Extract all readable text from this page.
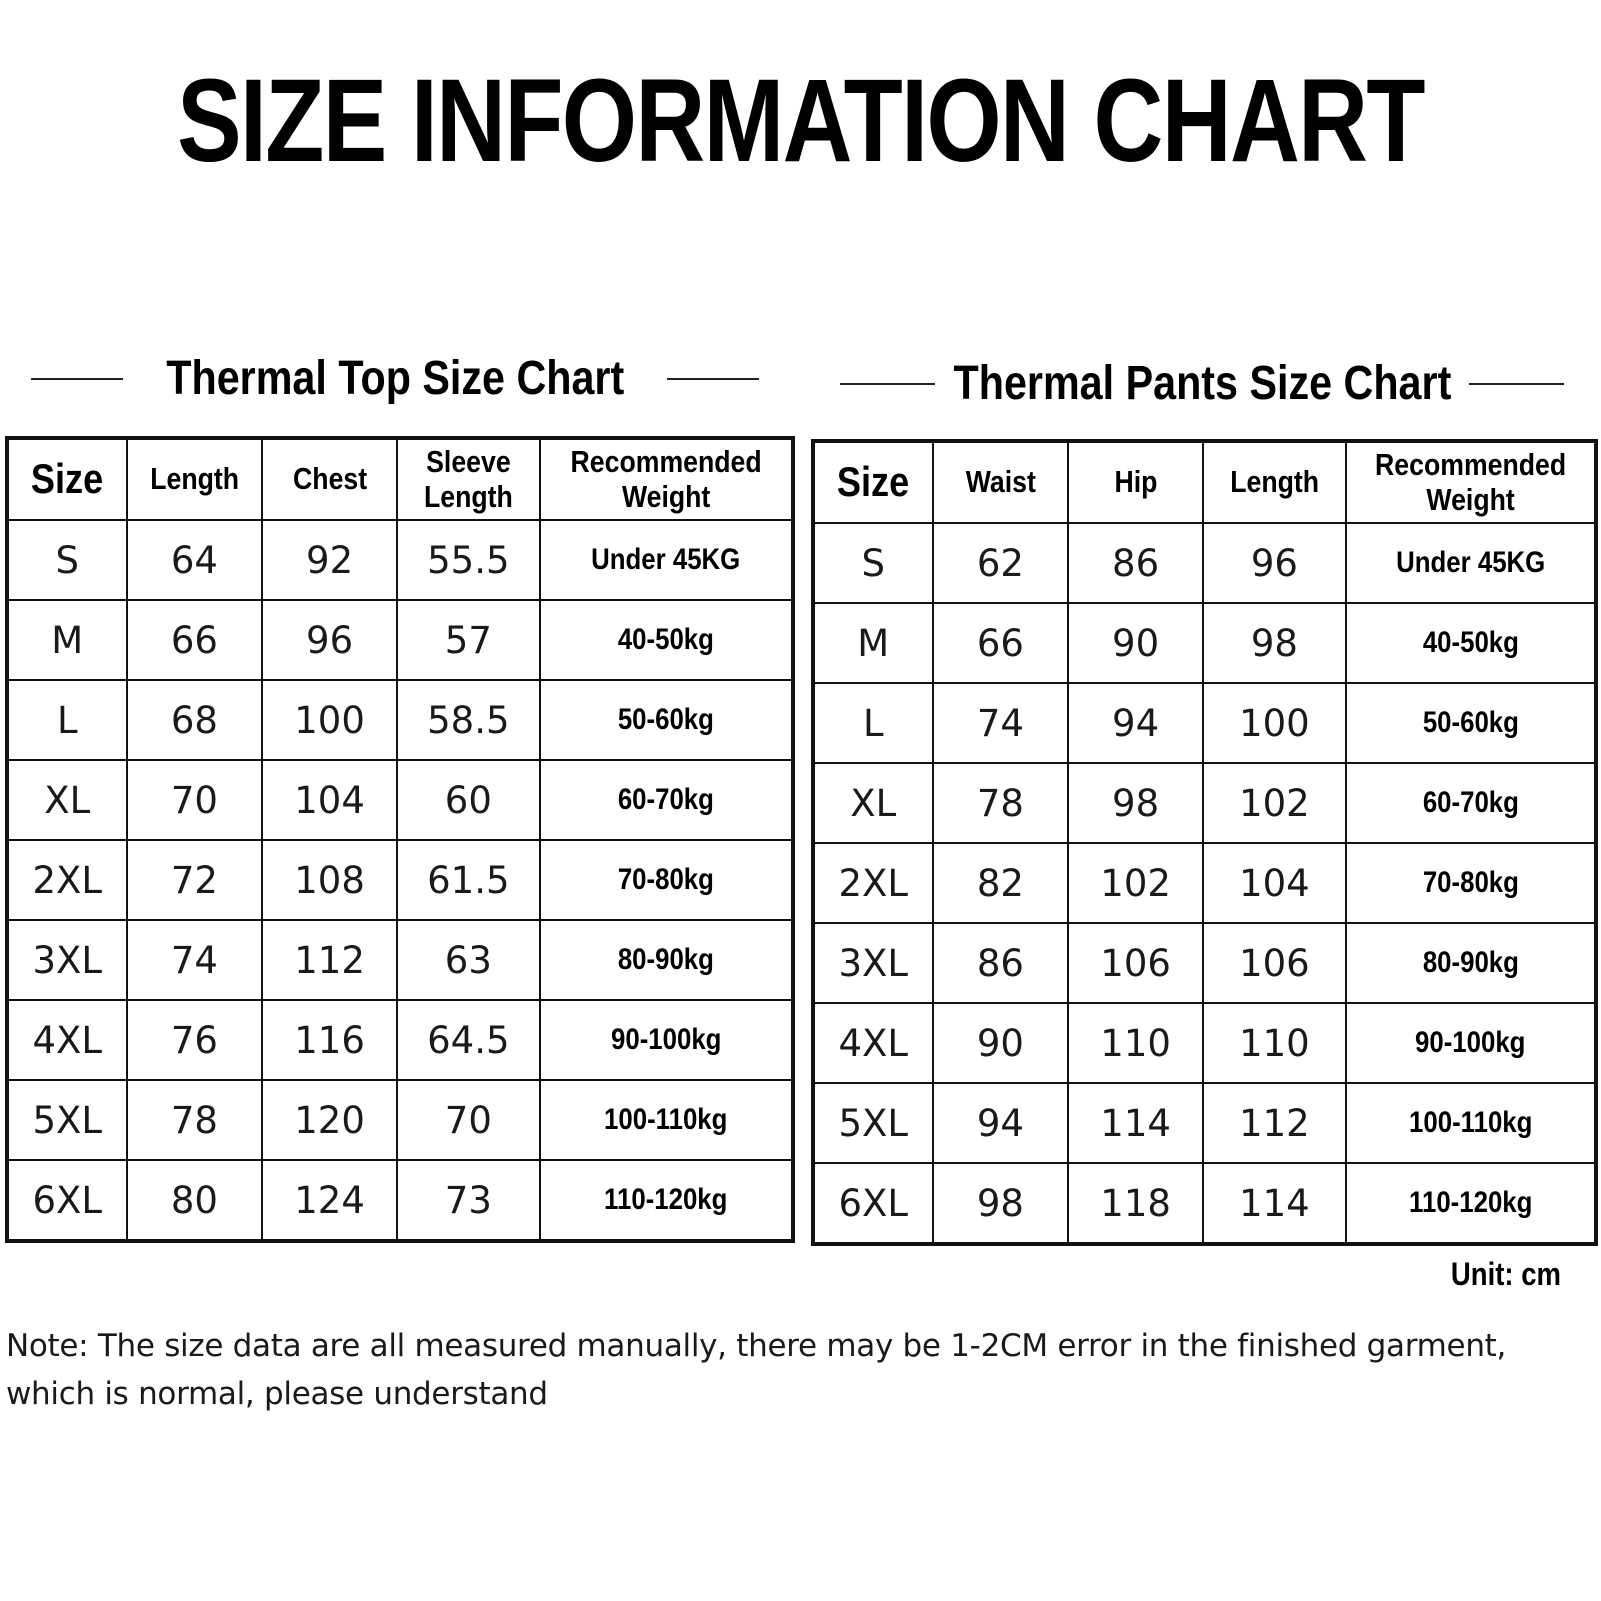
SIZE INFORMATION CHART
Thermal Top Size Chart	Thermal Pants Size Chart
Size	Length	Chest	Sleeve Length	Recommended Weight
S	64	92	55.5	Under 45KG
M	66	96	57	40-50kg
L	68	100	58.5	50-60kg
XL	70	104	60	60-70kg
2XL	72	108	61.5	70-80kg
3XL	74	112	63	80-90kg
4XL	76	116	64.5	90-100kg
5XL	78	120	70	100-110kg
6XL	80	124	73	110-120kg
Size	Waist	Hip	Length	Recommended Weight
S	62	86	96	Under 45KG
M	66	90	98	40-50kg
L	74	94	100	50-60kg
XL	78	98	102	60-70kg
2XL	82	102	104	70-80kg
3XL	86	106	106	80-90kg
4XL	90	110	110	90-100kg
5XL	94	114	112	100-110kg
6XL	98	118	114	110-120kg
Unit: cm
Note: The size data are all measured manually, there may be 1-2CM error in the finished garment, which is normal, please understand
